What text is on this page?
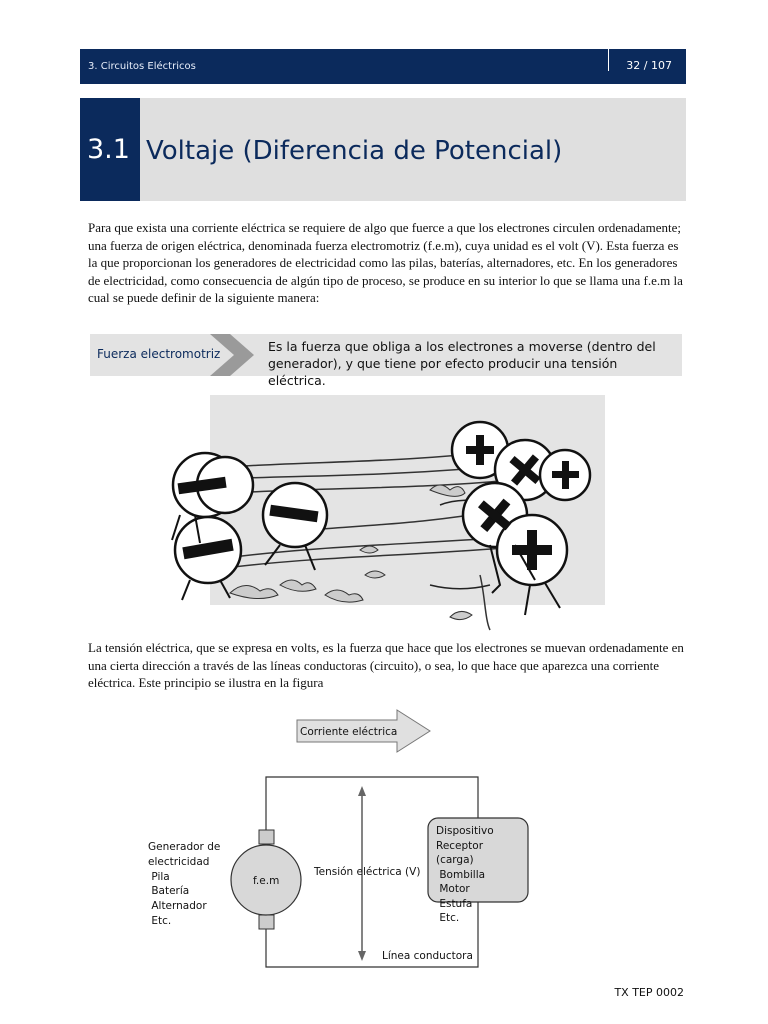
3. Circuitos Eléctricos	32 / 107
3.1 Voltaje (Diferencia de Potencial)
Para que exista una corriente eléctrica se requiere de algo que fuerce a que los electrones circulen ordenadamente; una fuerza de origen eléctrica, denominada fuerza electromotriz (f.e.m), cuya unidad es el volt (V). Esta fuerza es la que proporcionan los generadores de electricidad como las pilas, baterías, alternadores, etc. En los generadores de electricidad, como consecuencia de algún tipo de proceso, se produce en su interior lo que se llama una f.e.m la cual se puede definir de la siguiente manera:
Fuerza electromotriz	Es la fuerza que obliga a los electrones a moverse (dentro del generador), y que tiene por efecto producir una tensión eléctrica.
La tensión eléctrica, que se expresa en volts, es la fuerza que hace que los electrones se muevan ordenadamente en una cierta dirección a través de las líneas conductoras (circuito), o sea, lo que hace que aparezca una corriente eléctrica. Este principio se ilustra en la figura
Corriente eléctrica
f.e.m
Generador de electricidad      Pila      Batería      Alternador      Etc.
Tensión eléctrica (V)
Dispositivo Receptor (carga)      Bombilla      Motor      Estufa      Etc.
Línea conductora
TX TEP 0002
